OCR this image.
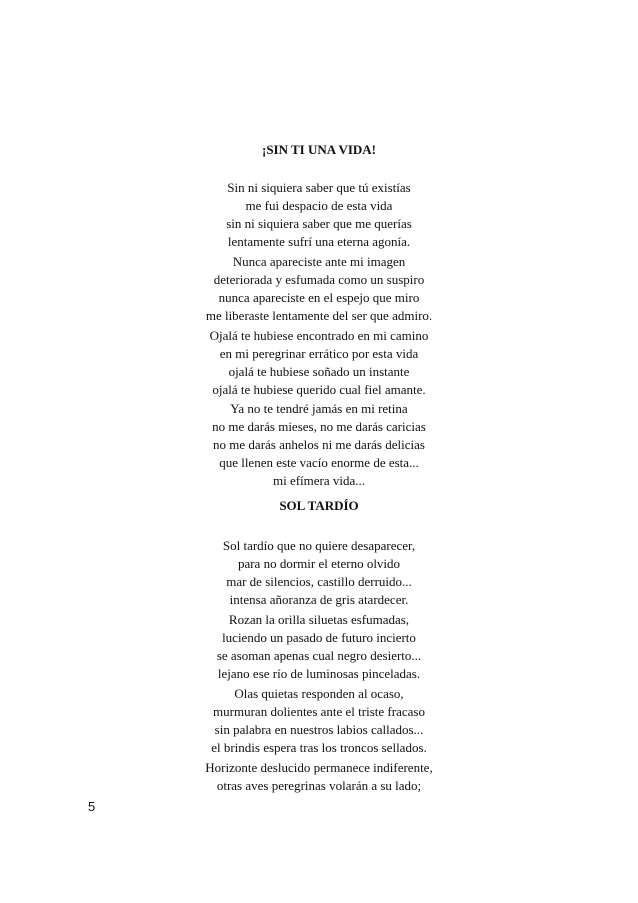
¡SIN TI UNA VIDA!
Sin ni siquiera saber que tú existías
me fui despacio de esta vida
sin ni siquiera saber que me querías
lentamente sufrí una eterna agonía.
Nunca apareciste ante mi imagen
deteriorada y esfumada como un suspiro
nunca apareciste en el espejo que miro
me liberaste lentamente del ser que admiro.
Ojalá te hubiese encontrado en mi camino
en mi peregrinar errático por esta vida
ojalá te hubiese soñado un instante
ojalá te hubiese querido cual fiel amante.
Ya no te tendré jamás en mi retina
no me darás mieses, no me darás caricias
no me darás anhelos ni me darás delicias
que llenen este vacío enorme de esta...
mi efímera vida...
SOL TARDÍO
Sol tardío que no quiere desaparecer,
para no dormir el eterno olvido
mar de silencios, castillo derruido...
intensa añoranza de gris atardecer.
Rozan la orilla siluetas esfumadas,
luciendo un pasado de futuro incierto
se asoman apenas cual negro desierto...
lejano ese río de luminosas pinceladas.
Olas quietas responden al ocaso,
murmuran dolientes ante el triste fracaso
sin palabra en nuestros labios callados...
el brindis espera tras los troncos sellados.
Horizonte deslucido permanece indiferente,
otras aves peregrinas volarán a su lado;
5
